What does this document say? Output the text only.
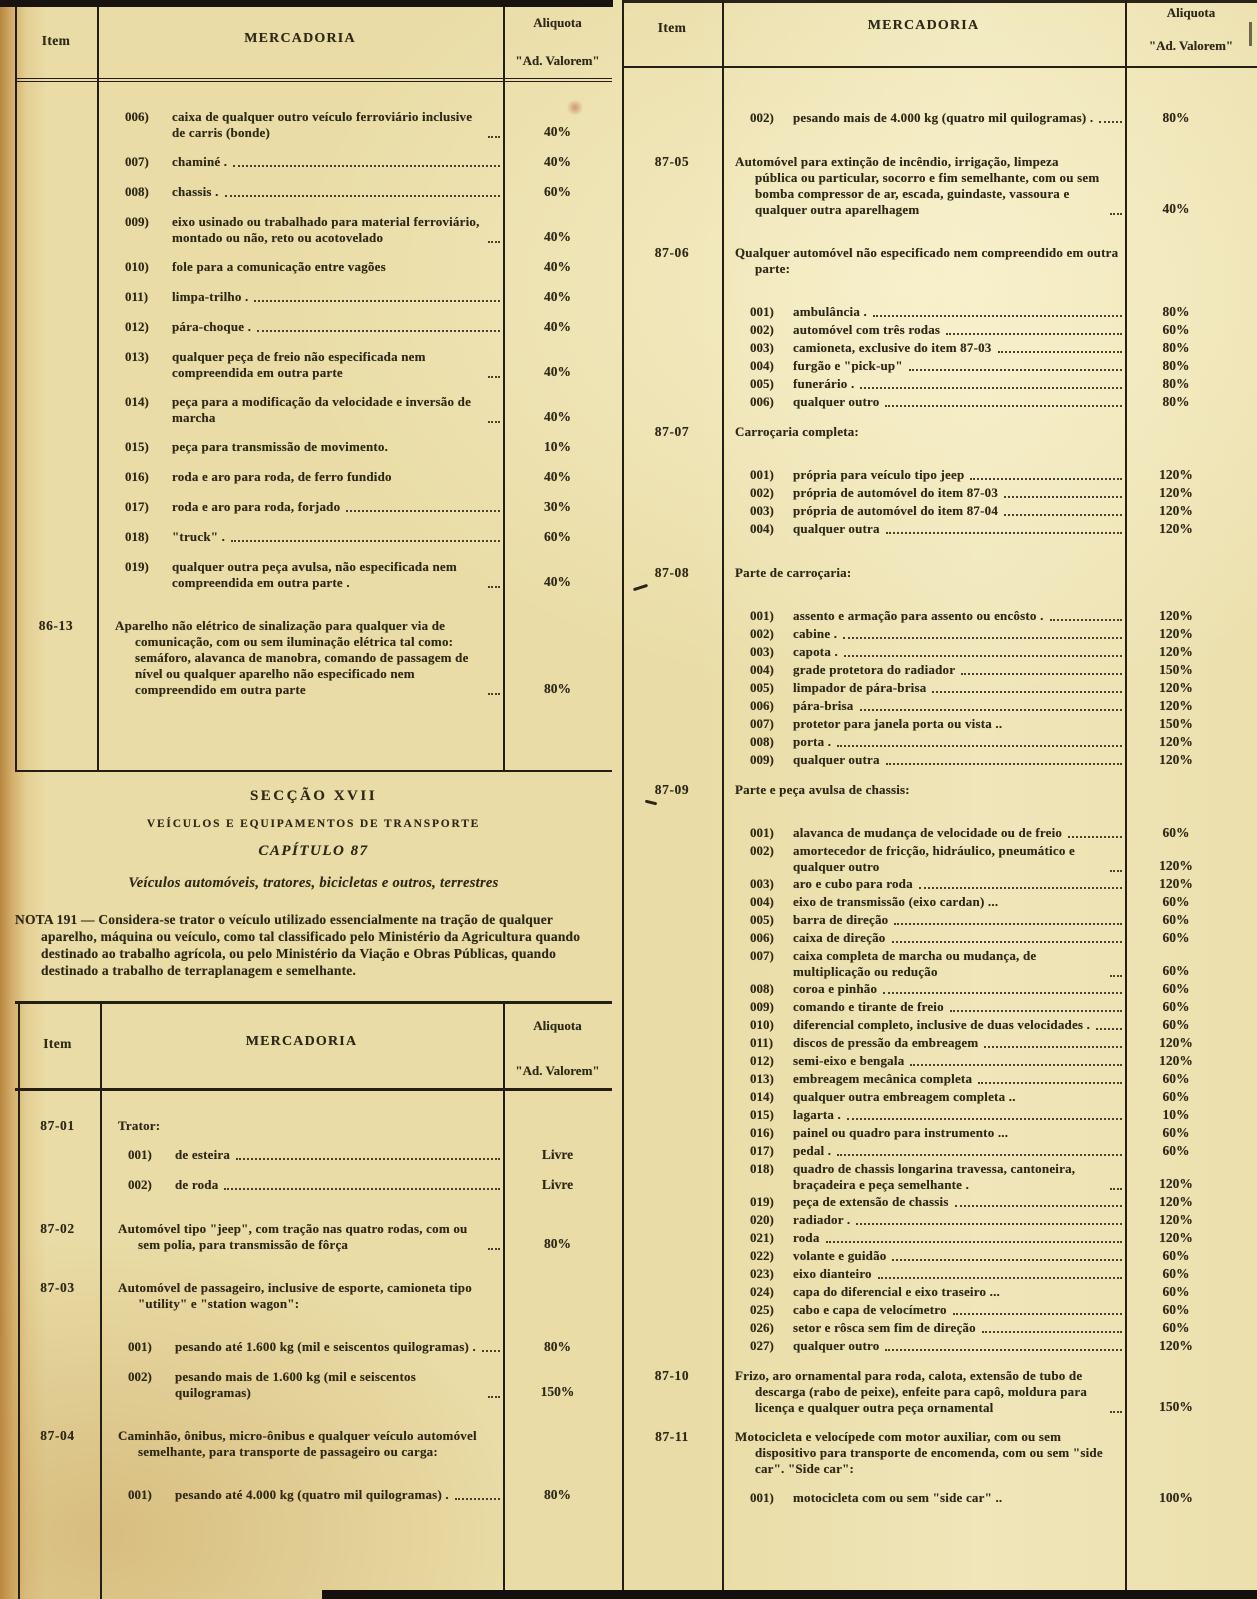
Item	MERCADORIA
Aliquota
"Ad. Valorem"
006)	caixa de qualquer outro veículo ferroviário inclusive de carris (bonde)	40%
007)	chaminé .	40%
008)	chassis .	60%
009)	eixo usinado ou trabalhado para material ferroviário, montado ou não, reto ou acotovelado	40%
010)	fole para a comunicação entre vagões	40%
011)	limpa-trilho .	40%
012)	pára-choque .	40%
013)	qualquer peça de freio não especificada nem compreendida em outra parte	40%
014)	peça para a modificação da velocidade e inversão de marcha	40%
015)	peça para transmissão de movimento.	10%
016)	roda e aro para roda, de ferro fundido	40%
017)	roda e aro para roda, forjado	30%
018)	"truck" .	60%
019)	qualquer outra peça avulsa, não especificada nem compreendida em outra parte .	40%
86-13	Aparelho não elétrico de sinalização para qualquer via de comunicação, com ou sem iluminação elétrica tal como: semáforo, alavanca de manobra, comando de passagem de nível ou qualquer aparelho não especificado nem compreendido em outra parte	80%
SECÇÃO XVII
VEÍCULOS E EQUIPAMENTOS DE TRANSPORTE
CAPÍTULO 87
Veículos automóveis, tratores, bicicletas e outros, terrestres
NOTA 191 — Considera-se trator o veículo utilizado essencialmente na tração de qualquer aparelho, máquina ou veículo, como tal classificado pelo Ministério da Agricultura quando destinado ao trabalho agrícola, ou pelo Ministério da Viação e Obras Públicas, quando destinado a trabalho de terraplanagem e semelhante.
Item	MERCADORIA
Aliquota
"Ad. Valorem"
87-01	Trator:
001)	de esteira	Livre
002)	de roda	Livre
87-02	Automóvel tipo "jeep", com tração nas quatro rodas, com ou sem polia, para transmissão de fôrça	80%
87-03	Automóvel de passageiro, inclusive de esporte, camioneta tipo "utility" e "station wagon":
001)	pesando até 1.600 kg (mil e seiscentos quilogramas) .	80%
002)	pesando mais de 1.600 kg (mil e seiscentos quilogramas)	150%
87-04	Caminhão, ônibus, micro-ônibus e qualquer veículo automóvel semelhante, para transporte de passageiro ou carga:
001)	pesando até 4.000 kg (quatro mil quilogramas) .	80%
Item	MERCADORIA
Aliquota
"Ad. Valorem"
002)	pesando mais de 4.000 kg (quatro mil quilogramas) .	80%
87-05	Automóvel para extinção de incêndio, irrigação, limpeza pública ou particular, socorro e fim semelhante, com ou sem bomba compressor de ar, escada, guindaste, vassoura e qualquer outra aparelhagem	40%
87-06	Qualquer automóvel não especificado nem compreendido em outra parte:
001)	ambulância .	80%
002)	automóvel com três rodas	60%
003)	camioneta, exclusive do item 87-03	80%
004)	furgão e "pick-up"	80%
005)	funerário .	80%
006)	qualquer outro	80%
87-07	Carroçaria completa:
001)	própria para veículo tipo jeep	120%
002)	própria de automóvel do item 87-03	120%
003)	própria de automóvel do item 87-04	120%
004)	qualquer outra	120%
87-08	Parte de carroçaria:
001)	assento e armação para assento ou encôsto .	120%
002)	cabine .	120%
003)	capota .	120%
004)	grade protetora do radiador	150%
005)	limpador de pára-brisa	120%
006)	pára-brisa	120%
007)	protetor para janela porta ou vista ..	150%
008)	porta .	120%
009)	qualquer outra	120%
87-09	Parte e peça avulsa de chassis:
001)	alavanca de mudança de velocidade ou de freio	60%
002)	amortecedor de fricção, hidráulico, pneumático e qualquer outro	120%
003)	aro e cubo para roda	120%
004)	eixo de transmissão (eixo cardan) ...	60%
005)	barra de direção	60%
006)	caixa de direção	60%
007)	caixa completa de marcha ou mudança, de multiplicação ou redução	60%
008)	coroa e pinhão	60%
009)	comando e tirante de freio	60%
010)	diferencial completo, inclusive de duas velocidades .	60%
011)	discos de pressão da embreagem	120%
012)	semi-eixo e bengala	120%
013)	embreagem mecânica completa	60%
014)	qualquer outra embreagem completa ..	60%
015)	lagarta .	10%
016)	painel ou quadro para instrumento ...	60%
017)	pedal .	60%
018)	quadro de chassis longarina travessa, cantoneira, braçadeira e peça semelhante .	120%
019)	peça de extensão de chassis	120%
020)	radiador .	120%
021)	roda	120%
022)	volante e guidão	60%
023)	eixo dianteiro	60%
024)	capa do diferencial e eixo traseiro ...	60%
025)	cabo e capa de velocímetro	60%
026)	setor e rôsca sem fim de direção	60%
027)	qualquer outro	120%
87-10	Frizo, aro ornamental para roda, calota, extensão de tubo de descarga (rabo de peixe), enfeite para capô, moldura para licença e qualquer outra peça ornamental	150%
87-11	Motocicleta e velocípede com motor auxiliar, com ou sem dispositivo para transporte de encomenda, com ou sem "side car". "Side car":
001)	motocicleta com ou sem "side car" ..	100%
